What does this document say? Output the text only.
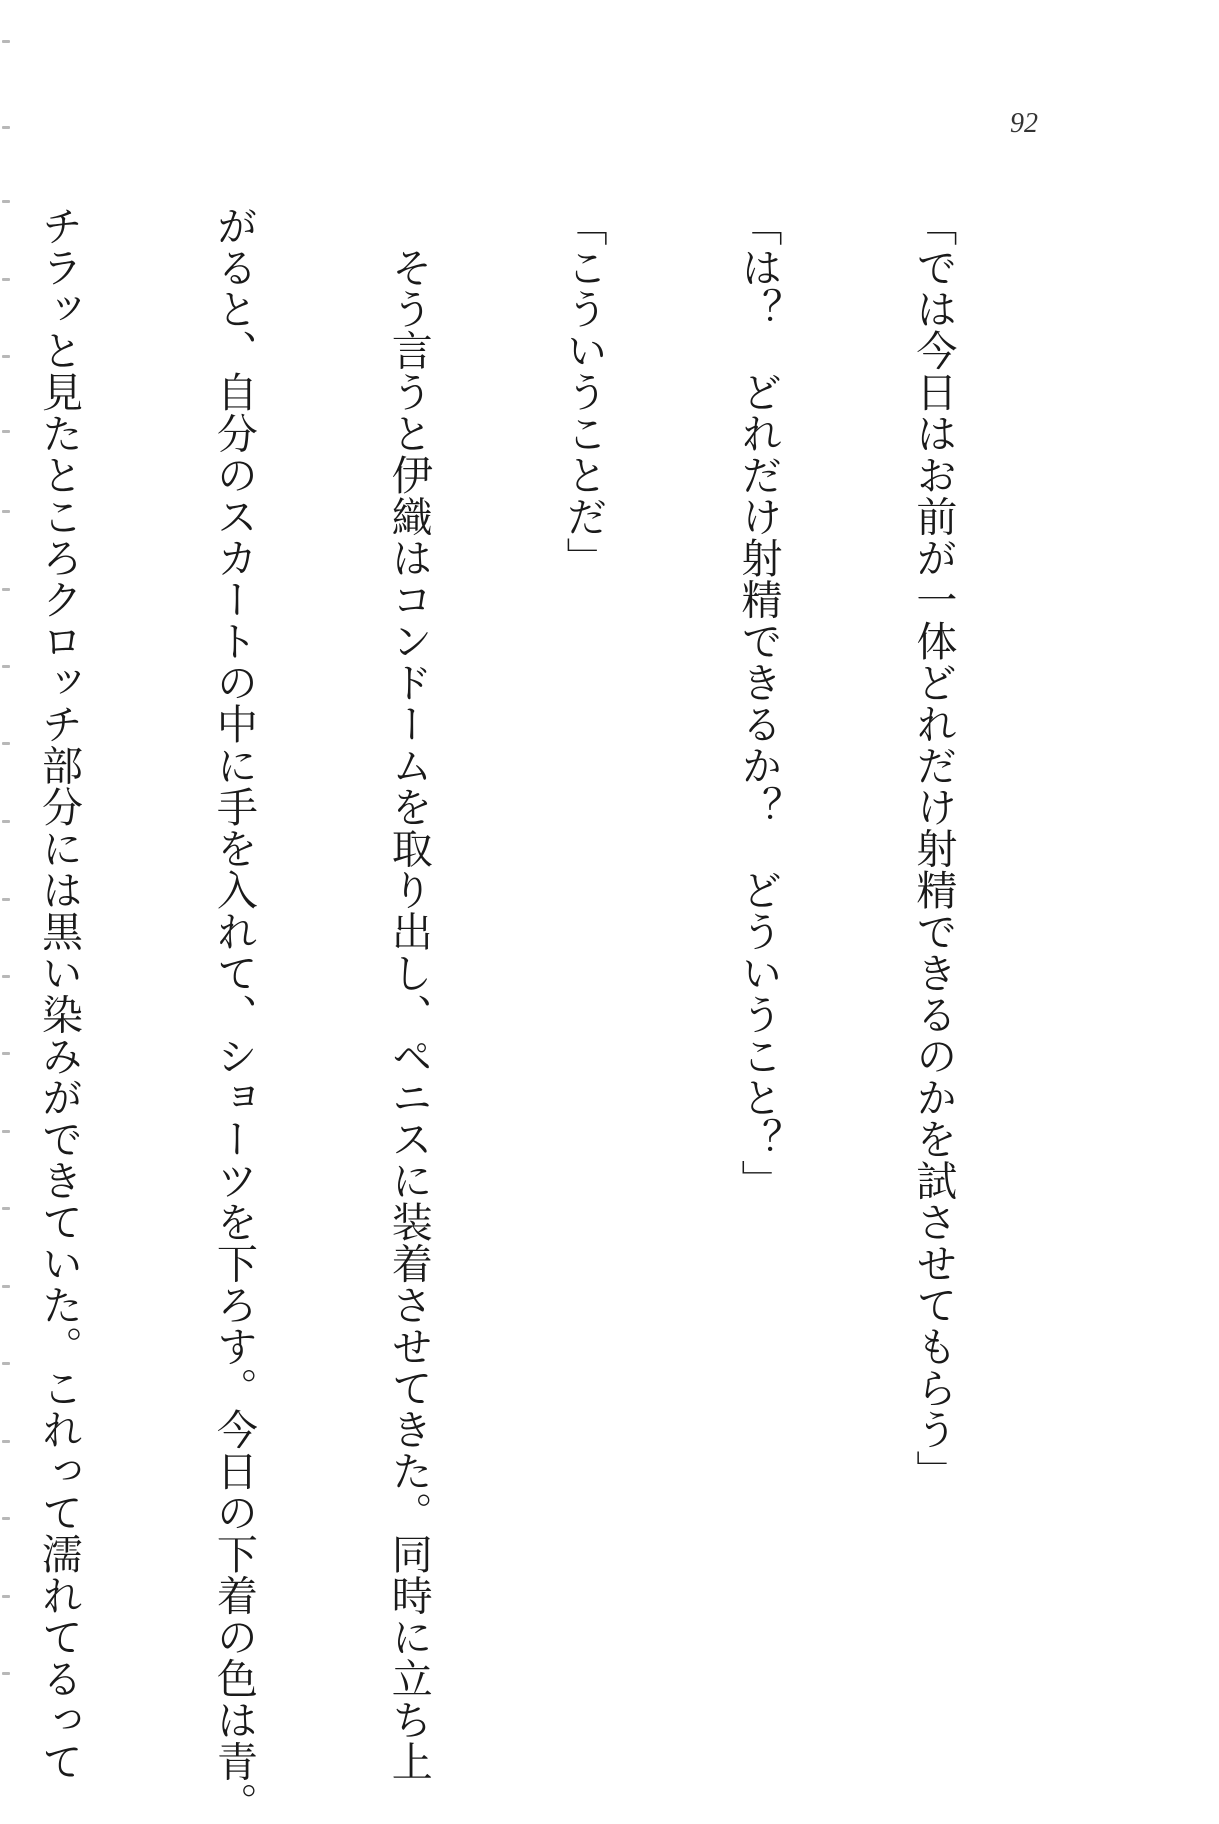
92

「では今日はお前が一体どれだけ射精できるのかを試させてもらう」

「は？　どれだけ射精できるか？　どういうこと？」

「こういうことだ」

　そう言うと伊織はコンドームを取り出し、ペニスに装着させてきた。同時に立ち上

がると、自分のスカートの中に手を入れて、ショーツを下ろす。今日の下着の色は青。

チラッと見たところクロッチ部分には黒い染みができていた。これって濡れてるって
